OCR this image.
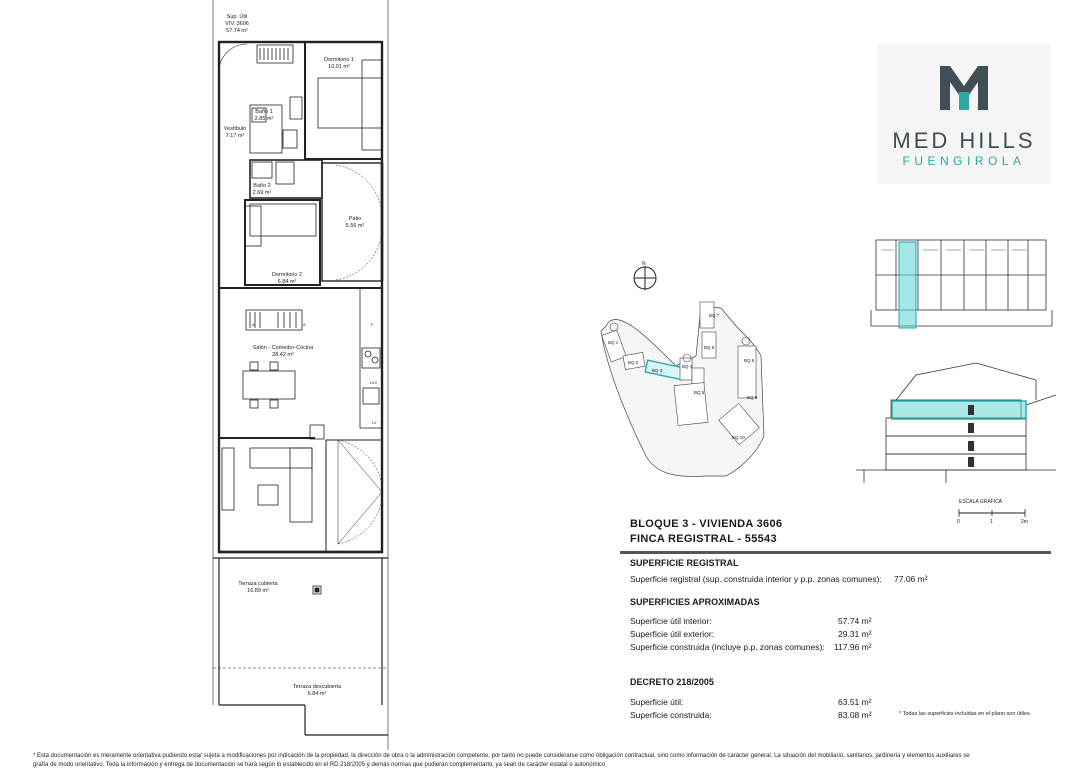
Sup. Útil
VIV. 3606
57.74 m²
Dormitorio 1
10.01 m²
Baño 1
2.85 m²
Vestíbulo
7.17 m²
Baño 2
2.69 m²
Patio
5.56 m²
Dormitorio 2
6.84 m²
Salón - Comedor-Cocina
28.42 m²
Terraza cubierta
16.89 m²
Terraza descubierta
6.84 m²
F
LVV
LV
A	A
MED HILLS
FUENGIROLA
N
BQ 1
BQ 2
BQ 3
BQ 4
BQ 5
BQ 6
BQ 7
BQ 8
BQ 9
BQ 10
ESCALA GRÁFICA
0	1	2m
BLOQUE 3 - VIVIENDA 3606
FINCA REGISTRAL - 55543
SUPERFICIE REGISTRAL
Superficie registral (sup. construida interior y p.p. zonas comunes): 77.06 m²
SUPERFICIES APROXIMADAS
Superficie útil interior:	57.74 m²
Superficie útil exterior:	29.31 m²
Superficie construida (incluye p.p. zonas comunes): 117.96 m²
DECRETO 218/2005
Superficie útil:	63.51 m²
Superficie construida:	83.08 m²	* Todas las superficies incluidas en el plano son útiles.
* Esta documentación es meramente orientativa pudiendo estar sujeta a modificaciones por indicación de la propiedad, la dirección de obra o la administración competente, por tanto no puede considerarse como obligación contractual, sino como información de carácter general. La situación del mobiliario, sanitarios, jardinería y elementos auxiliares se
grafía de modo orientativo. Toda la información y entrega de documentación se hará según lo establecido en el RD 218/2005 y demás normas que pudieran complementarlo, ya sean de carácter estatal o autonómico.
